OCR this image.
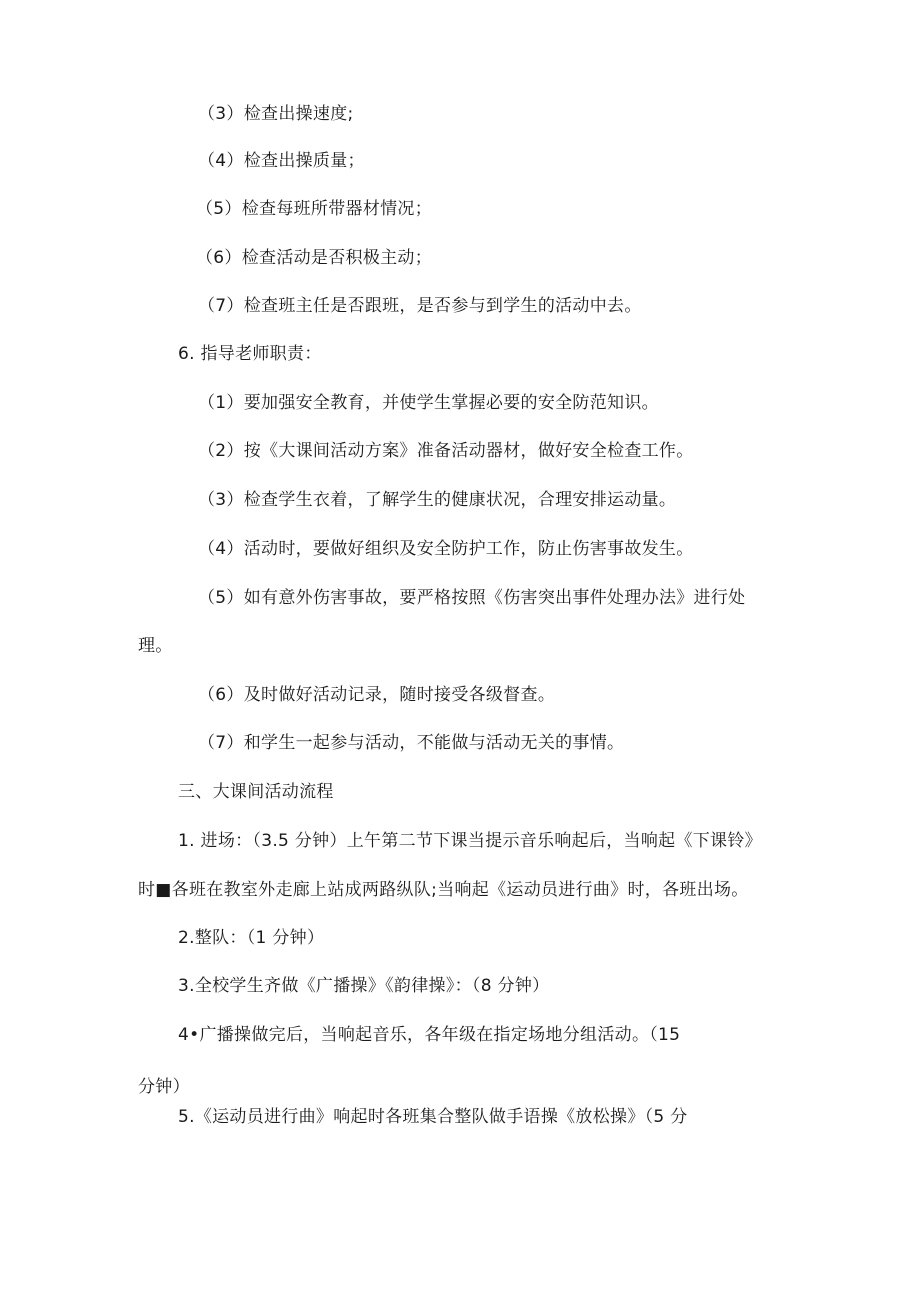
（3）检查出操速度;
（4）检查出操质量；
（5）检查每班所带器材情况；
（6）检查活动是否积极主动；
（7）检查班主任是否跟班，是否参与到学生的活动中去。
6. 指导老师职责：
（1）要加强安全教育，并使学生掌握必要的安全防范知识。
（2）按《大课间活动方案》准备活动器材，做好安全检查工作。
（3）检查学生衣着，了解学生的健康状况，合理安排运动量。
（4）活动时，要做好组织及安全防护工作，防止伤害事故发生。
（5）如有意外伤害事故，要严格按照《伤害突出事件处理办法》进行处
理。
（6）及时做好活动记录，随时接受各级督查。
（7）和学生一起参与活动，不能做与活动无关的事情。
三、大课间活动流程
1. 进场：（3.5 分钟）上午第二节下课当提示音乐响起后，当响起《下课铃》
时■各班在教室外走廊上站成两路纵队;当响起《运动员进行曲》时，各班出场。
2.整队：（1 分钟）
3.全校学生齐做《广播操》《韵律操》：（8 分钟）
4•广播操做完后，当响起音乐，各年级在指定场地分组活动。（15
分钟）
5.《运动员进行曲》响起时各班集合整队做手语操《放松操》（5 分
